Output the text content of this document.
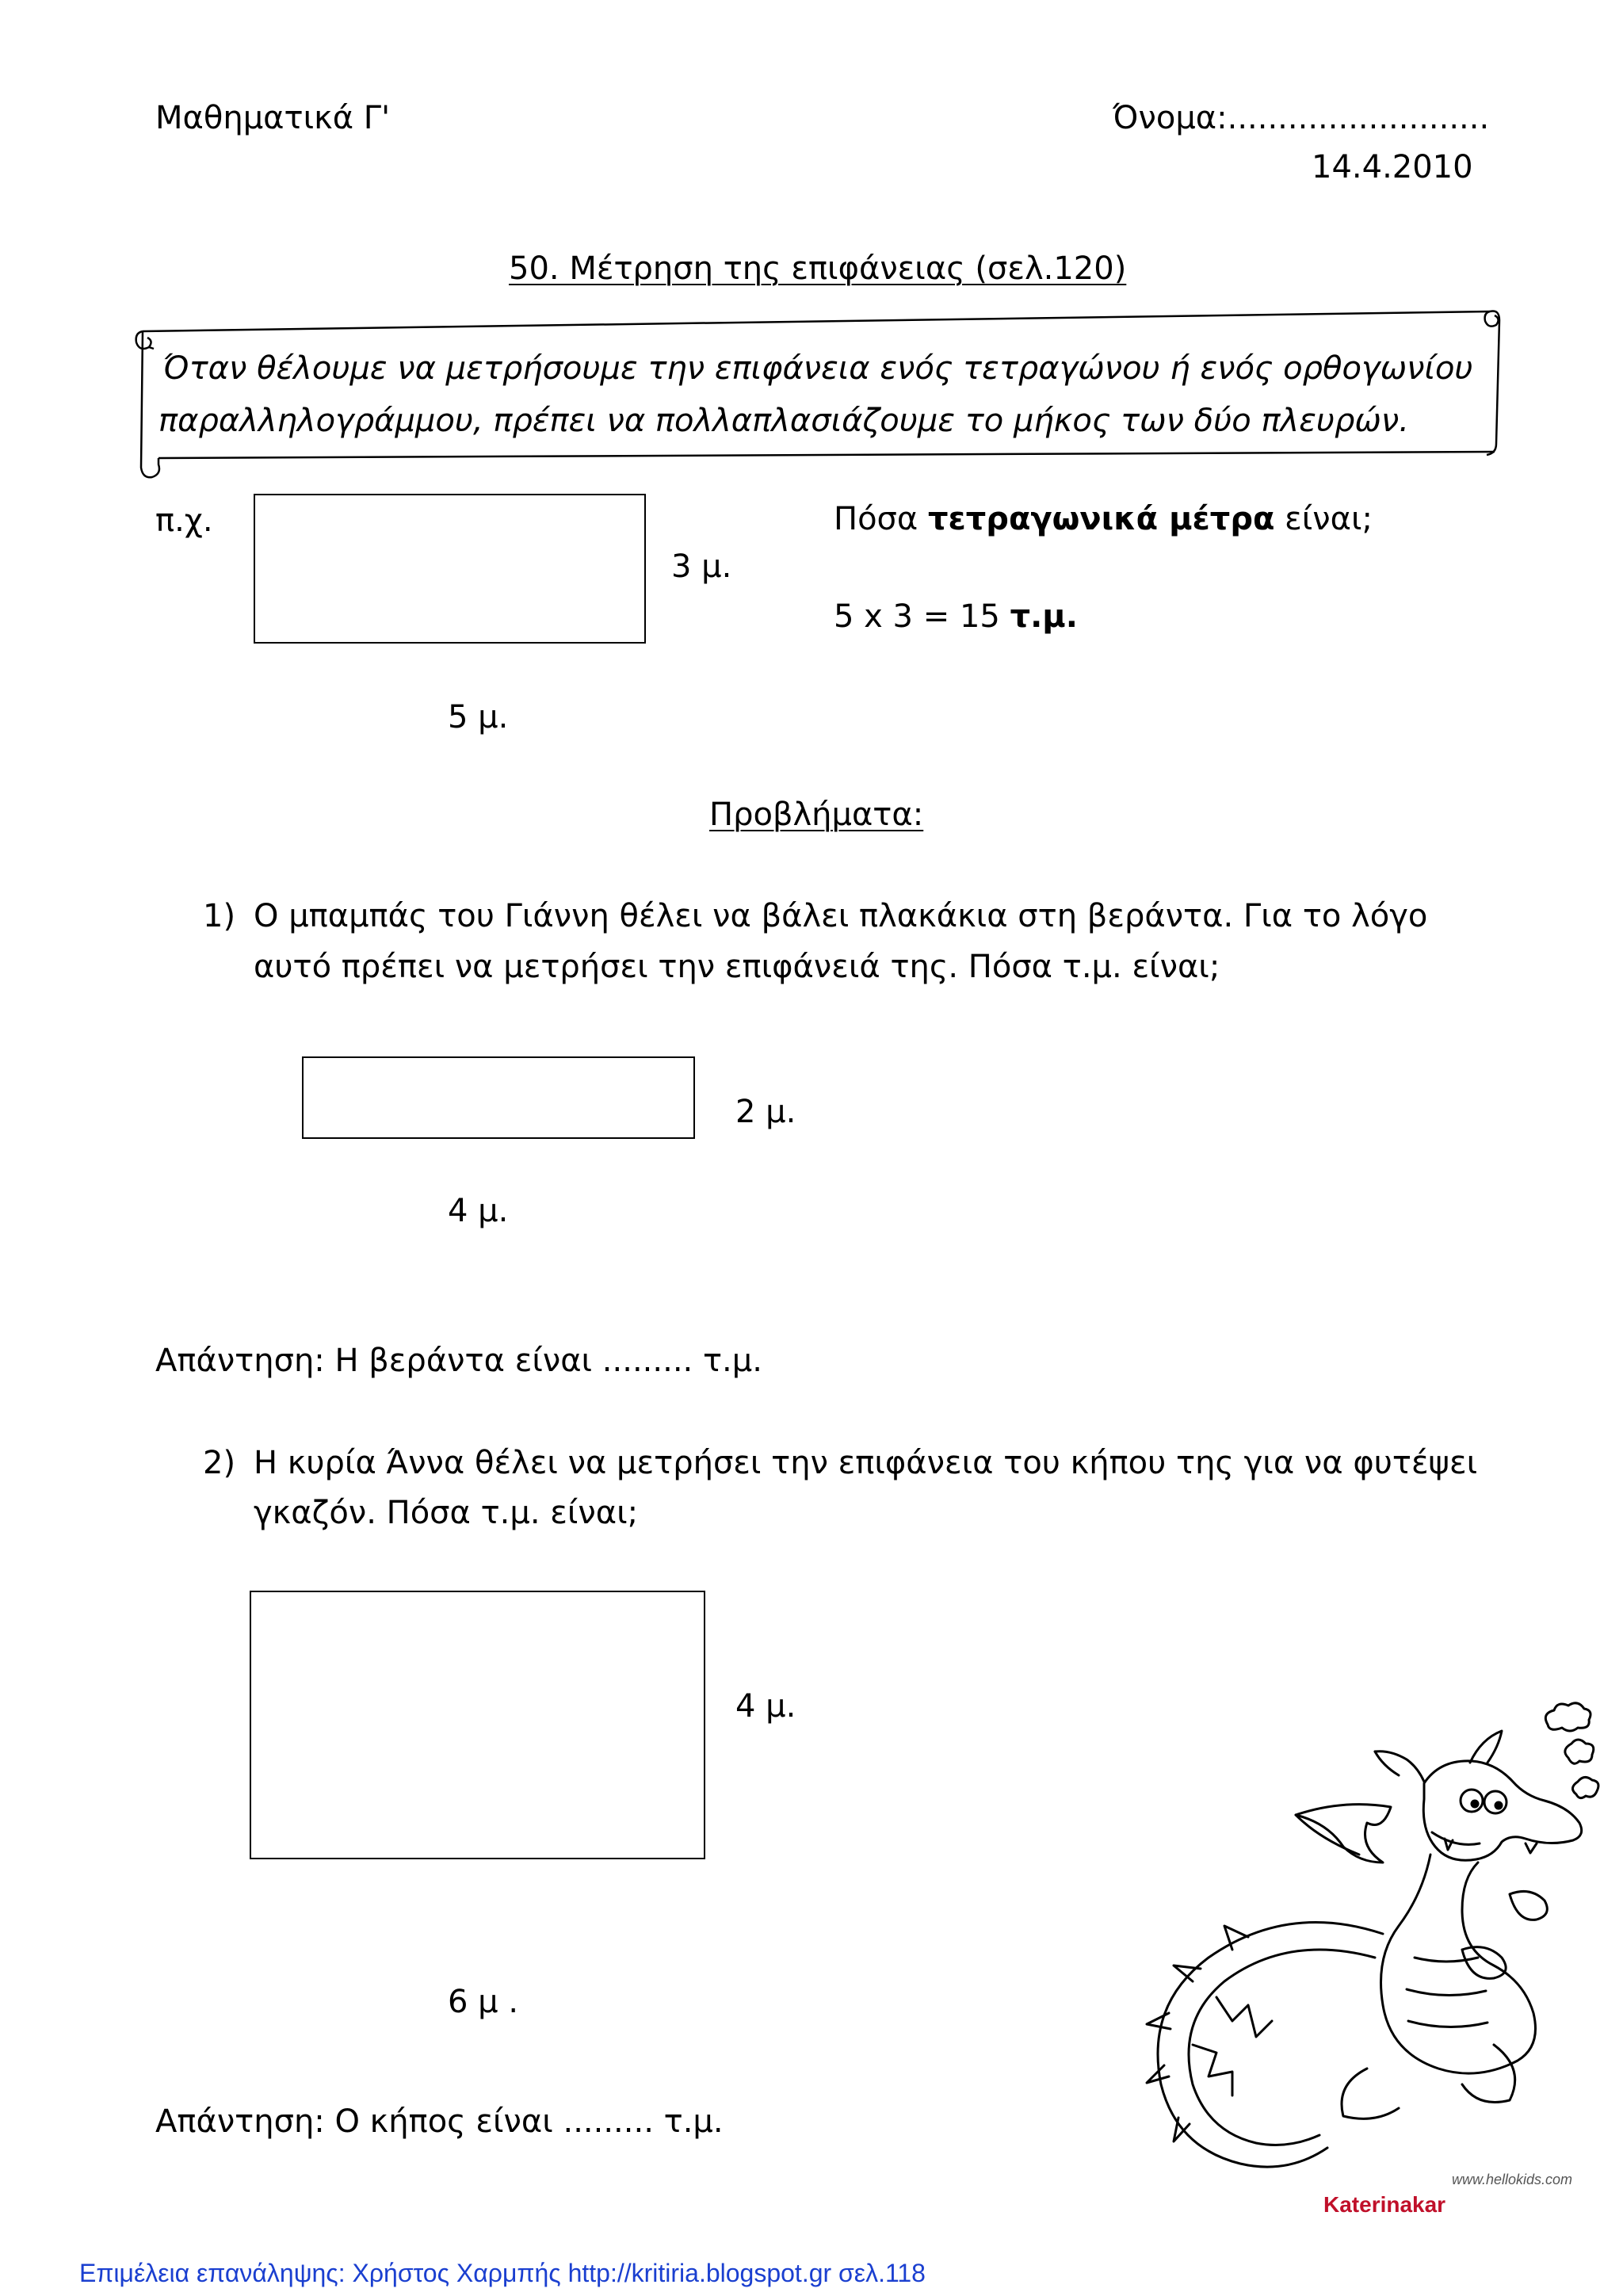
Μαθηματικά Γ'	Όνομα:..........................
14.4.2010
50. Μέτρηση της επιφάνειας (σελ.120)
Όταν θέλουμε να μετρήσουμε την επιφάνεια ενός τετραγώνου ή ενός ορθογωνίου
παραλληλογράμμου, πρέπει να πολλαπλασιάζουμε το μήκος των δύο πλευρών.
π.χ.
3 μ.
5 μ.
Πόσα τετραγωνικά μέτρα είναι;
5 x 3 = 15 τ.μ.
Προβλήματα:
1) Ο μπαμπάς του Γιάννη θέλει να βάλει πλακάκια στη βεράντα. Για το λόγο
αυτό πρέπει να μετρήσει την επιφάνειά της. Πόσα τ.μ. είναι;
2 μ.
4 μ.
Απάντηση: Η βεράντα είναι ......... τ.μ.
2) Η κυρία Άννα θέλει να μετρήσει την επιφάνεια του κήπου της για να φυτέψει
γκαζόν. Πόσα τ.μ. είναι;
4 μ.
6 μ .
Απάντηση: Ο κήπος είναι ......... τ.μ.
www.hellokids.com
Katerinakar
Επιμέλεια επανάληψης: Χρήστος Χαρμπής http://kritiria.blogspot.gr σελ.118
